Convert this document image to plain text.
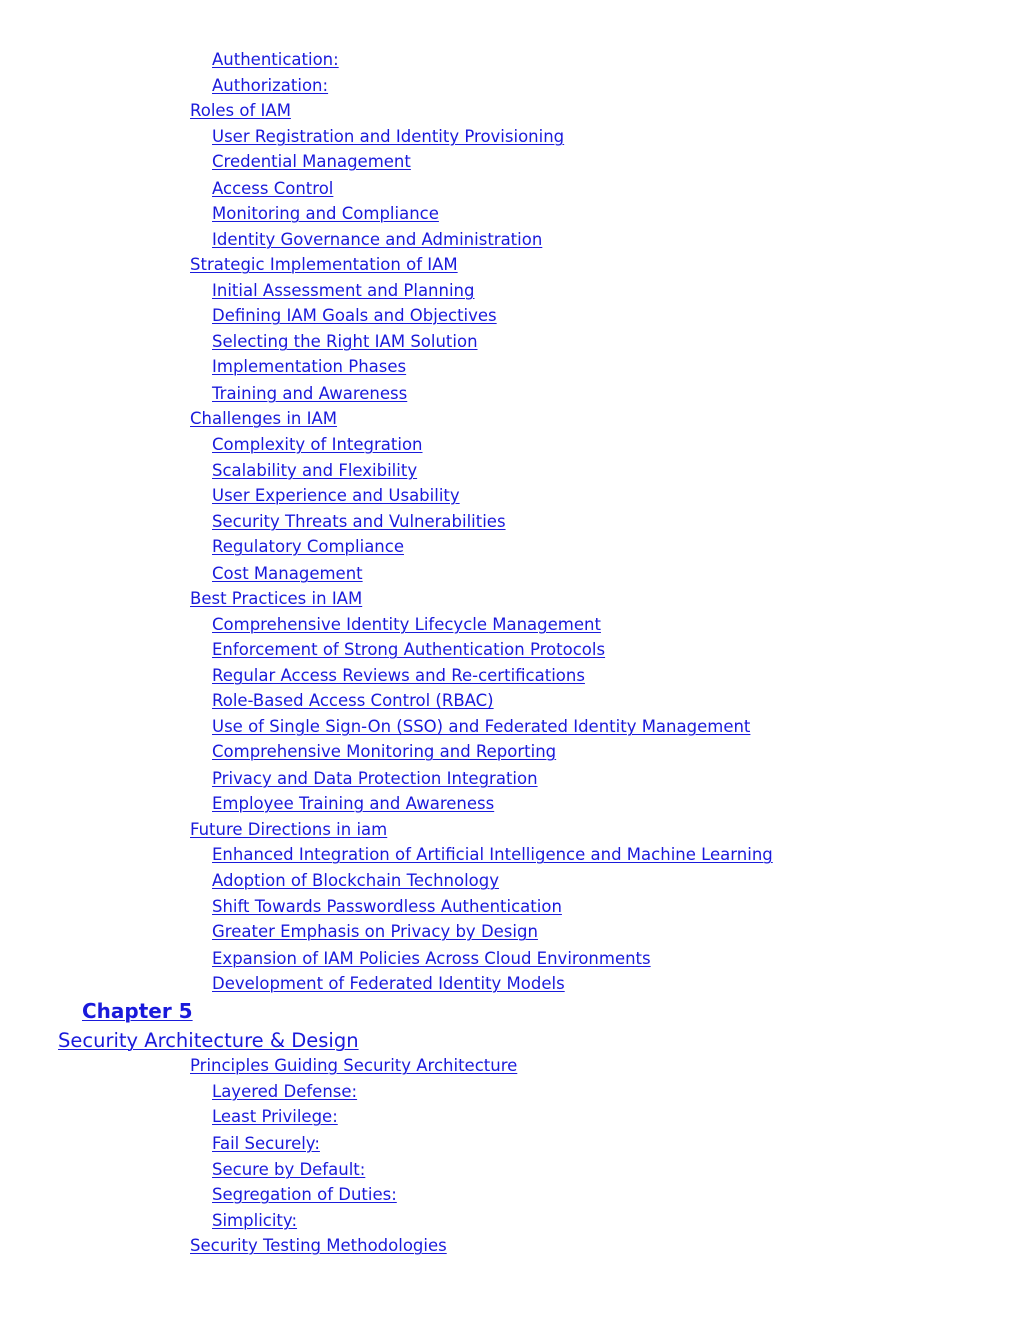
Authentication:
Authorization:
Roles of IAM
User Registration and Identity Provisioning
Credential Management
Access Control
Monitoring and Compliance
Identity Governance and Administration
Strategic Implementation of IAM
Initial Assessment and Planning
Defining IAM Goals and Objectives
Selecting the Right IAM Solution
Implementation Phases
Training and Awareness
Challenges in IAM
Complexity of Integration
Scalability and Flexibility
User Experience and Usability
Security Threats and Vulnerabilities
Regulatory Compliance
Cost Management
Best Practices in IAM
Comprehensive Identity Lifecycle Management
Enforcement of Strong Authentication Protocols
Regular Access Reviews and Re-certifications
Role-Based Access Control (RBAC)
Use of Single Sign-On (SSO) and Federated Identity Management
Comprehensive Monitoring and Reporting
Privacy and Data Protection Integration
Employee Training and Awareness
Future Directions in iam
Enhanced Integration of Artificial Intelligence and Machine Learning
Adoption of Blockchain Technology
Shift Towards Passwordless Authentication
Greater Emphasis on Privacy by Design
Expansion of IAM Policies Across Cloud Environments
Development of Federated Identity Models
Chapter 5
Security Architecture & Design
Principles Guiding Security Architecture
Layered Defense:
Least Privilege:
Fail Securely:
Secure by Default:
Segregation of Duties:
Simplicity:
Security Testing Methodologies
